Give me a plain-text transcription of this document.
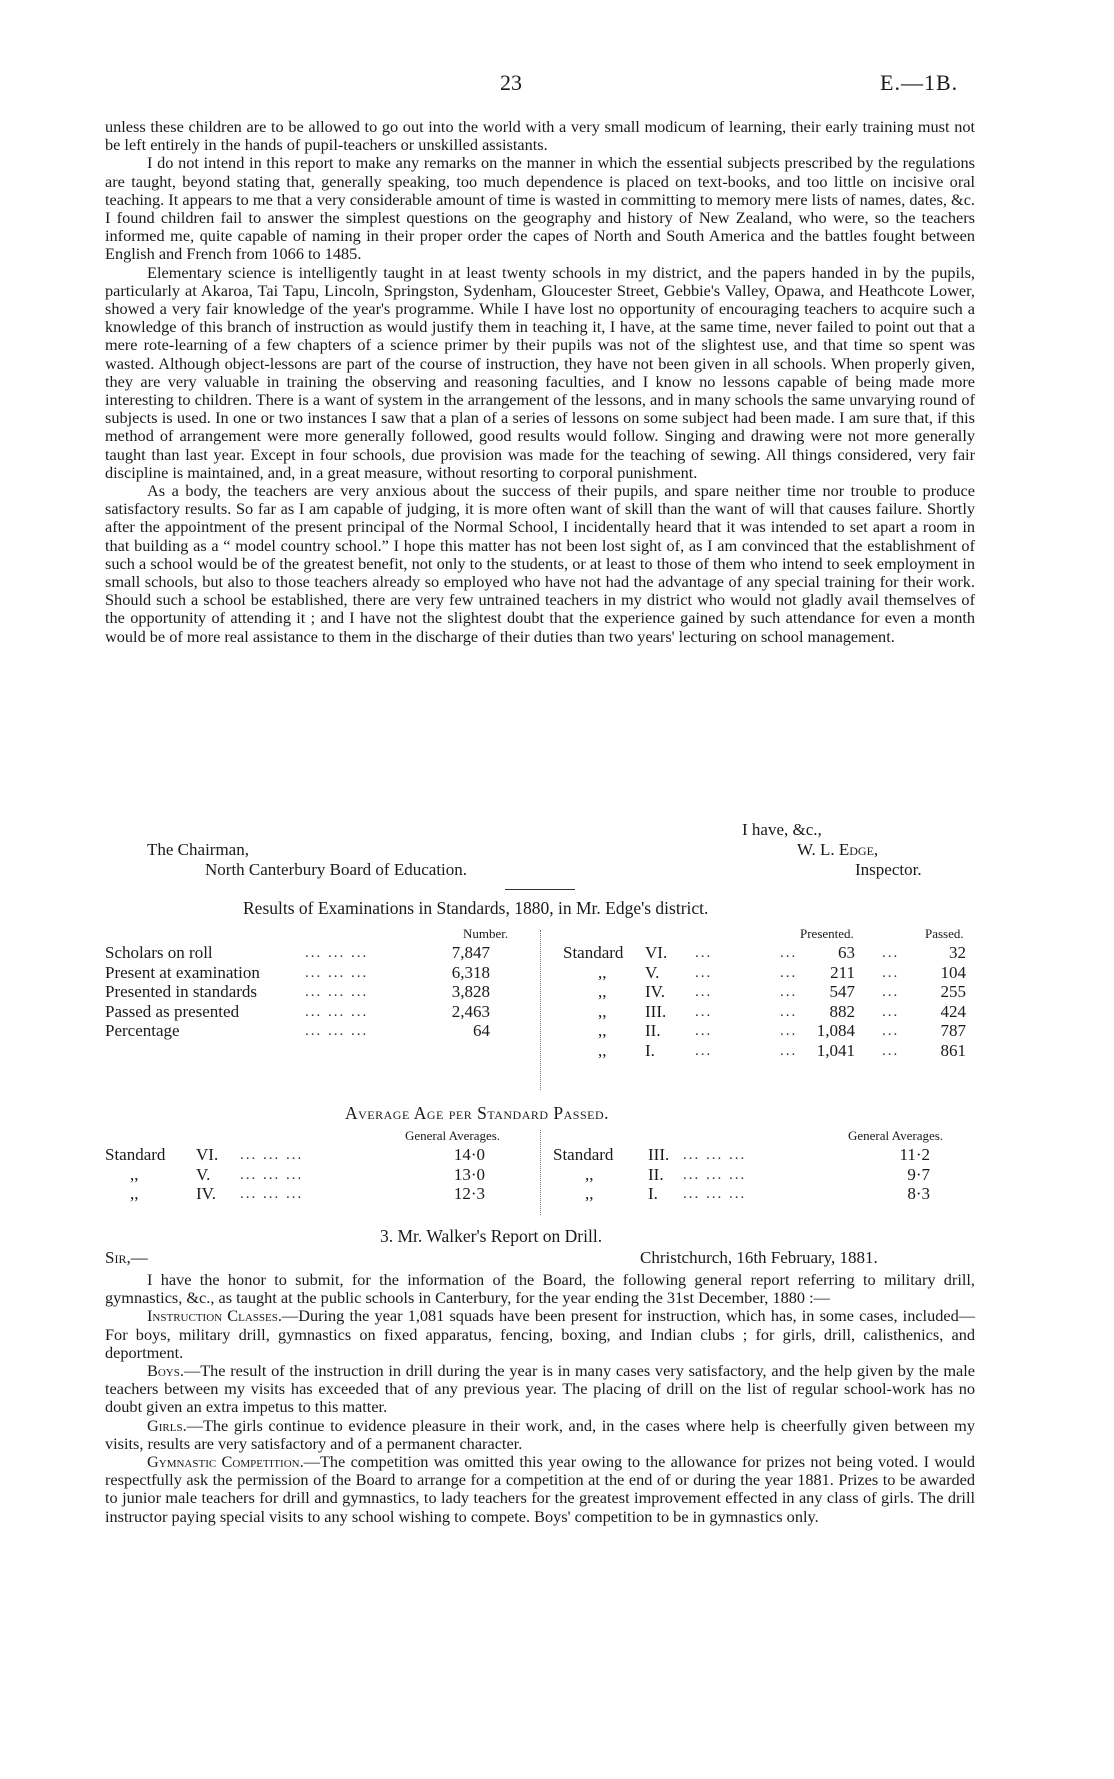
23	E.—1B.

unless these children are to be allowed to go out into the world with a very small modicum of learning, their early training must not be left entirely in the hands of pupil-teachers or unskilled assistants.

I do not intend in this report to make any remarks on the manner in which the essential subjects prescribed by the regulations are taught, beyond stating that, generally speaking, too much dependence is placed on text-books, and too little on incisive oral teaching. It appears to me that a very considerable amount of time is wasted in committing to memory mere lists of names, dates, &c. I found children fail to answer the simplest questions on the geography and history of New Zealand, who were, so the teachers informed me, quite capable of naming in their proper order the capes of North and South America and the battles fought between English and French from 1066 to 1485.

Elementary science is intelligently taught in at least twenty schools in my district, and the papers handed in by the pupils, particularly at Akaroa, Tai Tapu, Lincoln, Springston, Sydenham, Gloucester Street, Gebbie's Valley, Opawa, and Heathcote Lower, showed a very fair knowledge of the year's programme. While I have lost no opportunity of encouraging teachers to acquire such a knowledge of this branch of instruction as would justify them in teaching it, I have, at the same time, never failed to point out that a mere rote-learning of a few chapters of a science primer by their pupils was not of the slightest use, and that time so spent was wasted. Although object-lessons are part of the course of instruction, they have not been given in all schools. When properly given, they are very valuable in training the observing and reasoning faculties, and I know no lessons capable of being made more interesting to children. There is a want of system in the arrangement of the lessons, and in many schools the same unvarying round of subjects is used. In one or two instances I saw that a plan of a series of lessons on some subject had been made. I am sure that, if this method of arrangement were more generally followed, good results would follow. Singing and drawing were not more generally taught than last year. Except in four schools, due provision was made for the teaching of sewing. All things considered, very fair discipline is maintained, and, in a great measure, without resorting to corporal punishment.

As a body, the teachers are very anxious about the success of their pupils, and spare neither time nor trouble to produce satisfactory results. So far as I am capable of judging, it is more often want of skill than the want of will that causes failure. Shortly after the appointment of the present principal of the Normal School, I incidentally heard that it was intended to set apart a room in that building as a “ model country school.” I hope this matter has not been lost sight of, as I am convinced that the establishment of such a school would be of the greatest benefit, not only to the students, or at least to those of them who intend to seek employment in small schools, but also to those teachers already so employed who have not had the advantage of any special training for their work. Should such a school be established, there are very few untrained teachers in my district who would not gladly avail themselves of the opportunity of attending it ; and I have not the slightest doubt that the experience gained by such attendance for even a month would be of more real assistance to them in the discharge of their duties than two years' lecturing on school management.

I have, &c.,
The Chairman,	W. L. Edge,
North Canterbury Board of Education.	Inspector.
Results of Examinations in Standards, 1880, in Mr. Edge's district.
Number.	Presented.	Passed.
Scholars on roll	... ... ...	7,847
Present at examination	... ... ...	6,318
Presented in standards	... ... ...	3,828
Passed as presented	... ... ...	2,463
Percentage	... ... ...	64
Standard VI. ...	...	63 ...	32
,, V. ...	...	211 ...	104
,, IV. ...	...	547 ...	255
,, III. ...	...	882 ...	424
,, II. ...	...	1,084 ...	787
,, I.	...	...	1,041 ...	861
Average Age per Standard Passed.
General Averages.	General Averages.
Standard VI. ... ... ...	14·0
,,	V. ... ... ...	13·0
,,	IV. ... ... ...	12·3
Standard III. ... ... ...	11·2
,,	II. ... ... ...	9·7
,,	I. ... ... ...	8·3
3. Mr. Walker's Report on Drill.
Sir,—	Christchurch, 16th February, 1881.

I have the honor to submit, for the information of the Board, the following general report referring to military drill, gymnastics, &c., as taught at the public schools in Canterbury, for the year ending the 31st December, 1880 :—

Instruction Classes.—During the year 1,081 squads have been present for instruction, which has, in some cases, included—For boys, military drill, gymnastics on fixed apparatus, fencing, boxing, and Indian clubs ; for girls, drill, calisthenics, and deportment.

Boys.—The result of the instruction in drill during the year is in many cases very satisfactory, and the help given by the male teachers between my visits has exceeded that of any previous year. The placing of drill on the list of regular school-work has no doubt given an extra impetus to this matter.

Girls.—The girls continue to evidence pleasure in their work, and, in the cases where help is cheerfully given between my visits, results are very satisfactory and of a permanent character.

Gymnastic Competition.—The competition was omitted this year owing to the allowance for prizes not being voted. I would respectfully ask the permission of the Board to arrange for a competition at the end of or during the year 1881. Prizes to be awarded to junior male teachers for drill and gymnastics, to lady teachers for the greatest improvement effected in any class of girls. The drill instructor paying special visits to any school wishing to compete. Boys' competition to be in gymnastics only.
